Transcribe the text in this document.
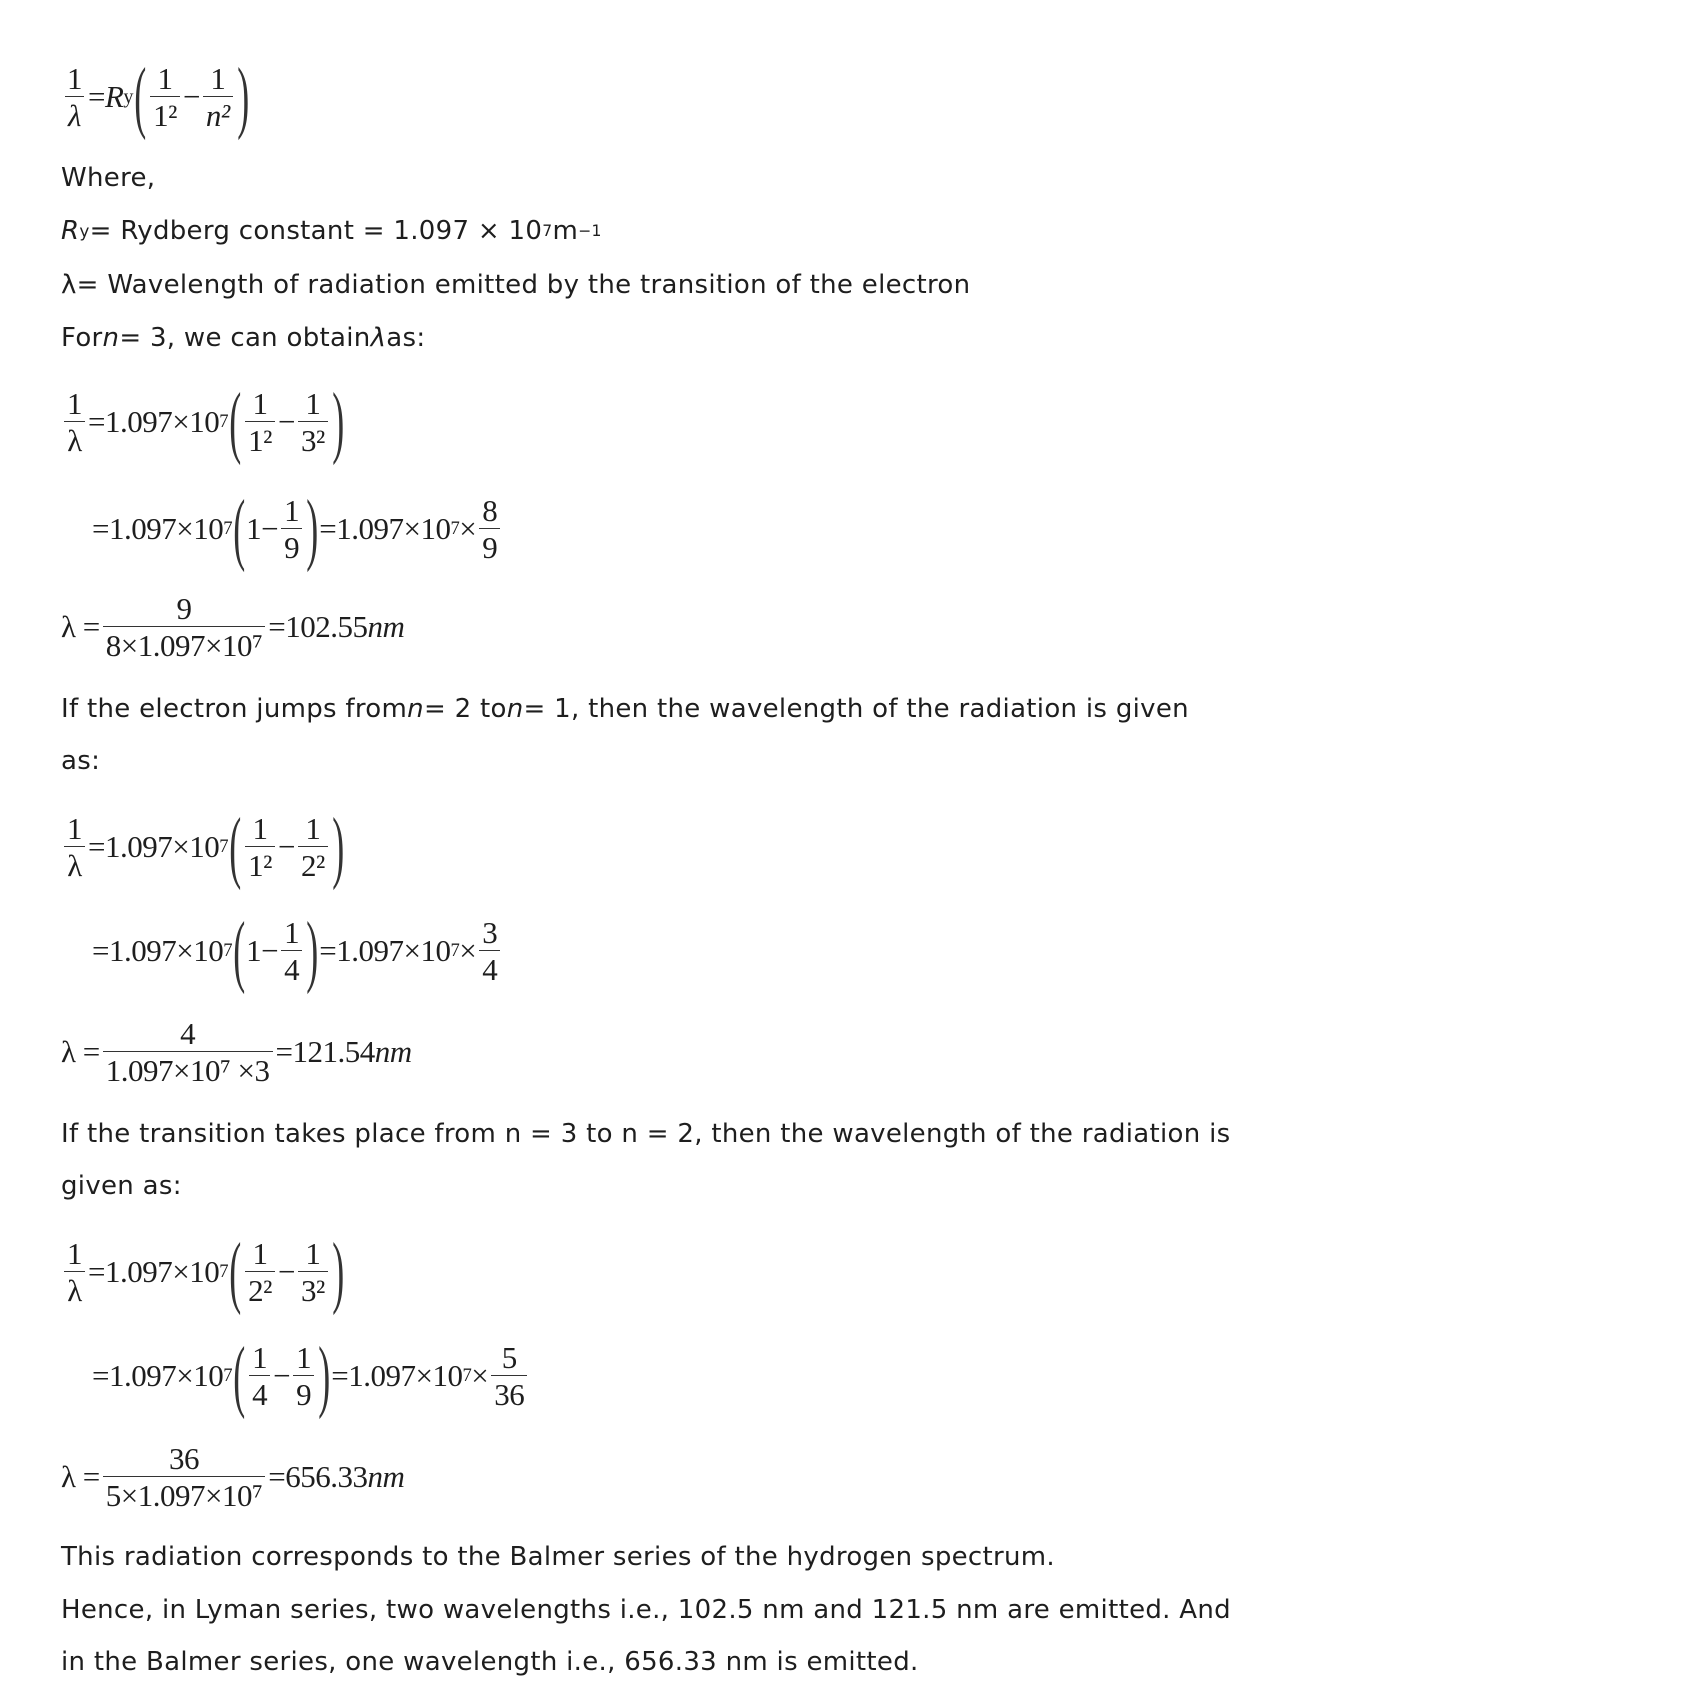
$\frac{1}{\lambda} = R$ y ( $\frac{1}{\text{1²}} - \frac{1}{\text{n²}}$ )
Where,
R y = Rydberg constant = 1.097 × 10 7 m −1
λ= Wavelength of radiation emitted by the transition of the electron
For n = 3, we can obtain λ as:
$\frac{1}{\lambda} =1.097\times 10$ 7 ( $\frac{1}{\text{1²}} - \frac{1}{\text{3²}}$ )
=1.097×10 7 ( $1- \frac{1}{9}$ ) =1.097×10 $7 \times \frac{8}{9}$
$\lambda = \frac{9}{\text{8×1.097×10⁷}} =102.55$ nm
If the electron jumps from n = 2 to n = 1, then the wavelength of the radiation is given
as:
$\frac{1}{\lambda} =1.097\times 10$ 7 ( $\frac{1}{\text{1²}} - \frac{1}{\text{2²}}$ )
=1.097×10 7 ( $1- \frac{1}{4}$ ) =1.097×10 $7 \times \frac{3}{4}$
$\lambda = \frac{4}{\text{1.097×10⁷ ×3}} =121.54$ nm
If the transition takes place from n = 3 to n = 2, then the wavelength of the radiation is
given as:
$\frac{1}{\lambda} =1.097\times 10$ 7 ( $\frac{1}{\text{2²}} - \frac{1}{\text{3²}}$ )
=1.097×10 7 ( $\frac{1}{4} - \frac{1}{9}$ ) =1.097×10 $7 \times \frac{5}{36}$
$\lambda = \frac{36}{\text{5×1.097×10⁷}} =656.33$ nm
This radiation corresponds to the Balmer series of the hydrogen spectrum.
Hence, in Lyman series, two wavelengths i.e., 102.5 nm and 121.5 nm are emitted. And
in the Balmer series, one wavelength i.e., 656.33 nm is emitted.
